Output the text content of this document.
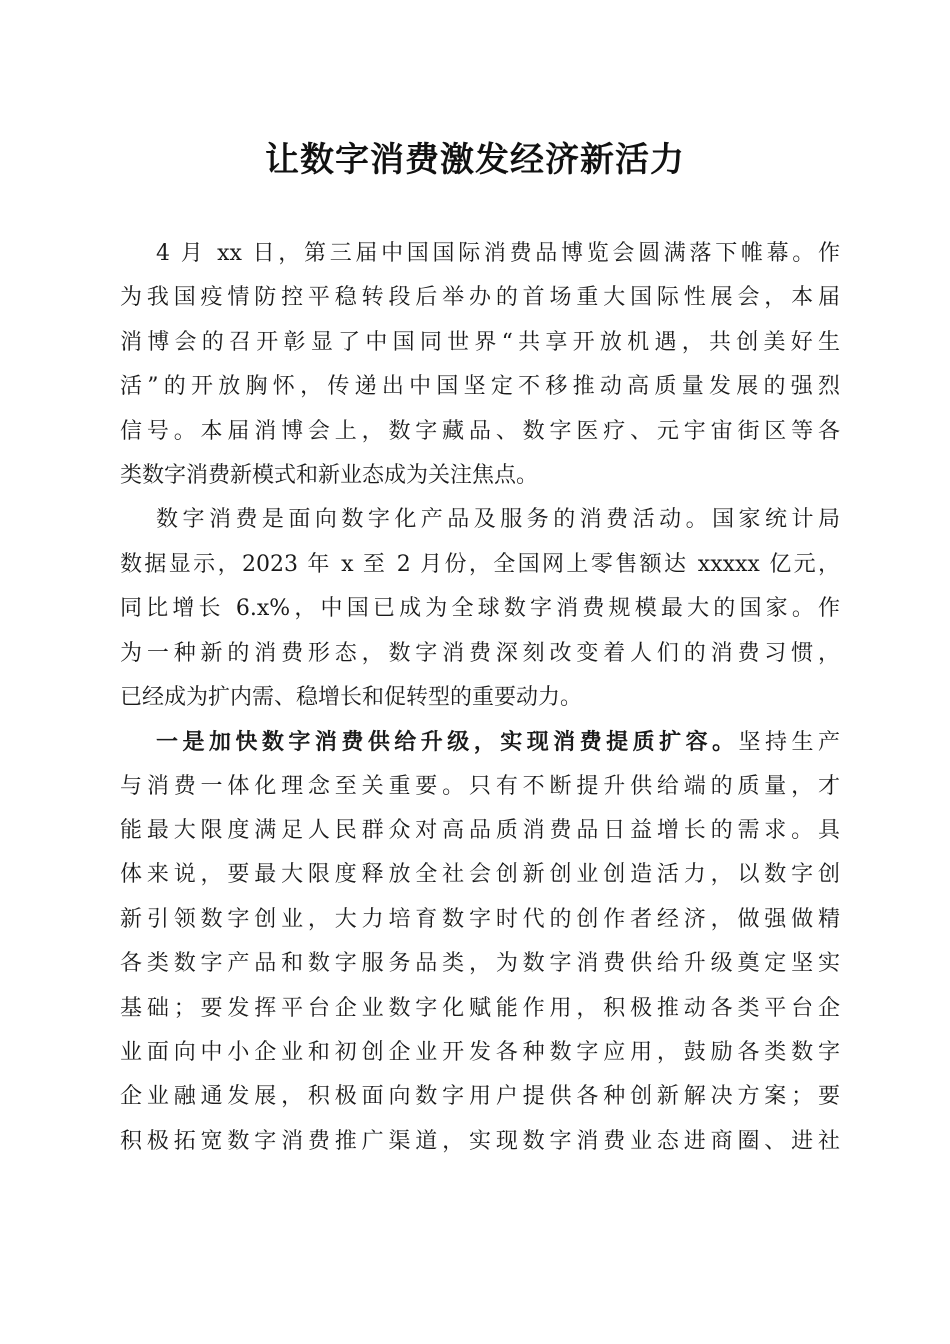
让数字消费激发经济新活力
4 月 xx 日，第三届中国国际消费品博览会圆满落下帷幕。作
为我国疫情防控平稳转段后举办的首场重大国际性展会，本届
消博会的召开彰显了中国同世界“共享开放机遇，共创美好生
活”的开放胸怀，传递出中国坚定不移推动高质量发展的强烈
信号。本届消博会上，数字藏品、数字医疗、元宇宙街区等各
类数字消费新模式和新业态成为关注焦点。
数字消费是面向数字化产品及服务的消费活动。国家统计局
数据显示，2023 年 x 至 2 月份，全国网上零售额达 xxxxx 亿元，
同比增长 6.x%，中国已成为全球数字消费规模最大的国家。作
为一种新的消费形态，数字消费深刻改变着人们的消费习惯，
已经成为扩内需、稳增长和促转型的重要动力。
一是加快数字消费供给升级，实现消费提质扩容。坚持生产
与消费一体化理念至关重要。只有不断提升供给端的质量，才
能最大限度满足人民群众对高品质消费品日益增长的需求。具
体来说，要最大限度释放全社会创新创业创造活力，以数字创
新引领数字创业，大力培育数字时代的创作者经济，做强做精
各类数字产品和数字服务品类，为数字消费供给升级奠定坚实
基础；要发挥平台企业数字化赋能作用，积极推动各类平台企
业面向中小企业和初创企业开发各种数字应用，鼓励各类数字
企业融通发展，积极面向数字用户提供各种创新解决方案；要
积极拓宽数字消费推广渠道，实现数字消费业态进商圈、进社
